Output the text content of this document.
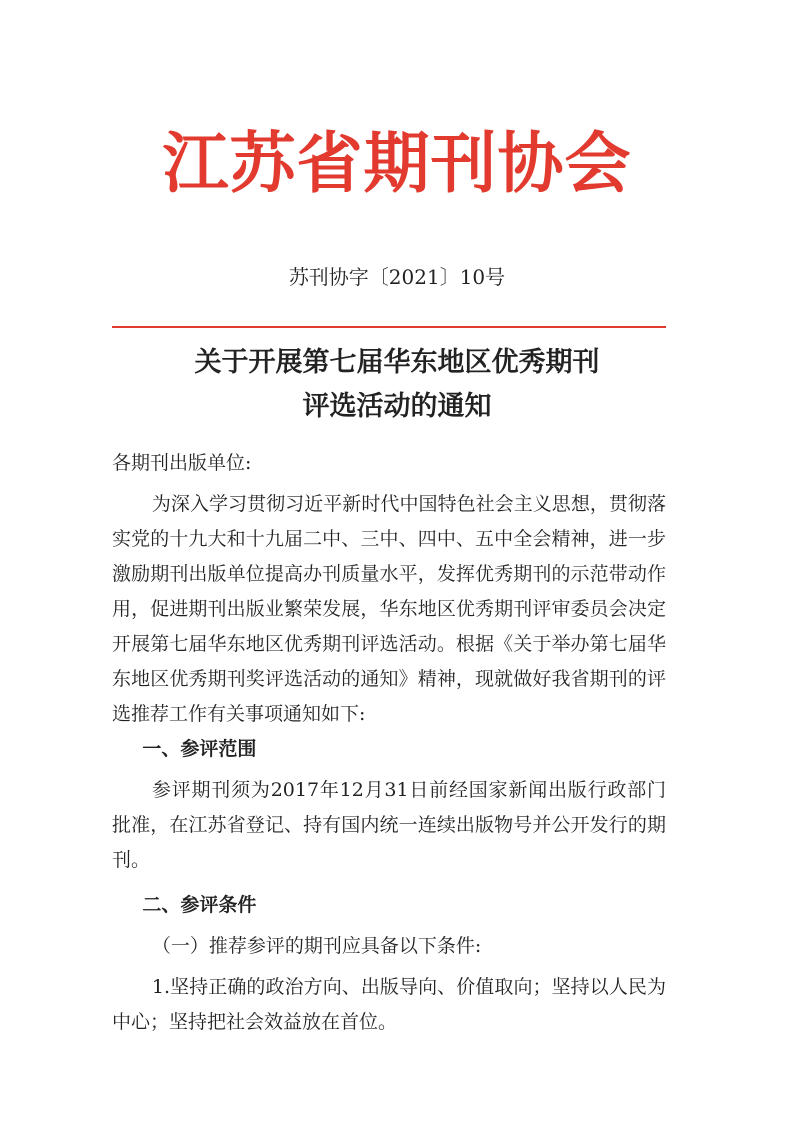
江苏省期刊协会
苏刊协字〔2021〕10号
关于开展第七届华东地区优秀期刊
评选活动的通知

各期刊出版单位:

为深入学习贯彻习近平新时代中国特色社会主义思想，贯彻落实党的十九大和十九届二中、三中、四中、五中全会精神，进一步激励期刊出版单位提高办刊质量水平，发挥优秀期刊的示范带动作用，促进期刊出版业繁荣发展，华东地区优秀期刊评审委员会决定开展第七届华东地区优秀期刊评选活动。根据《关于举办第七届华东地区优秀期刊奖评选活动的通知》精神，现就做好我省期刊的评选推荐工作有关事项通知如下:

一、参评范围

参评期刊须为2017年12月31日前经国家新闻出版行政部门批准，在江苏省登记、持有国内统一连续出版物号并公开发行的期刊。

二、参评条件

（一）推荐参评的期刊应具备以下条件:

1.坚持正确的政治方向、出版导向、价值取向；坚持以人民为中心；坚持把社会效益放在首位。
